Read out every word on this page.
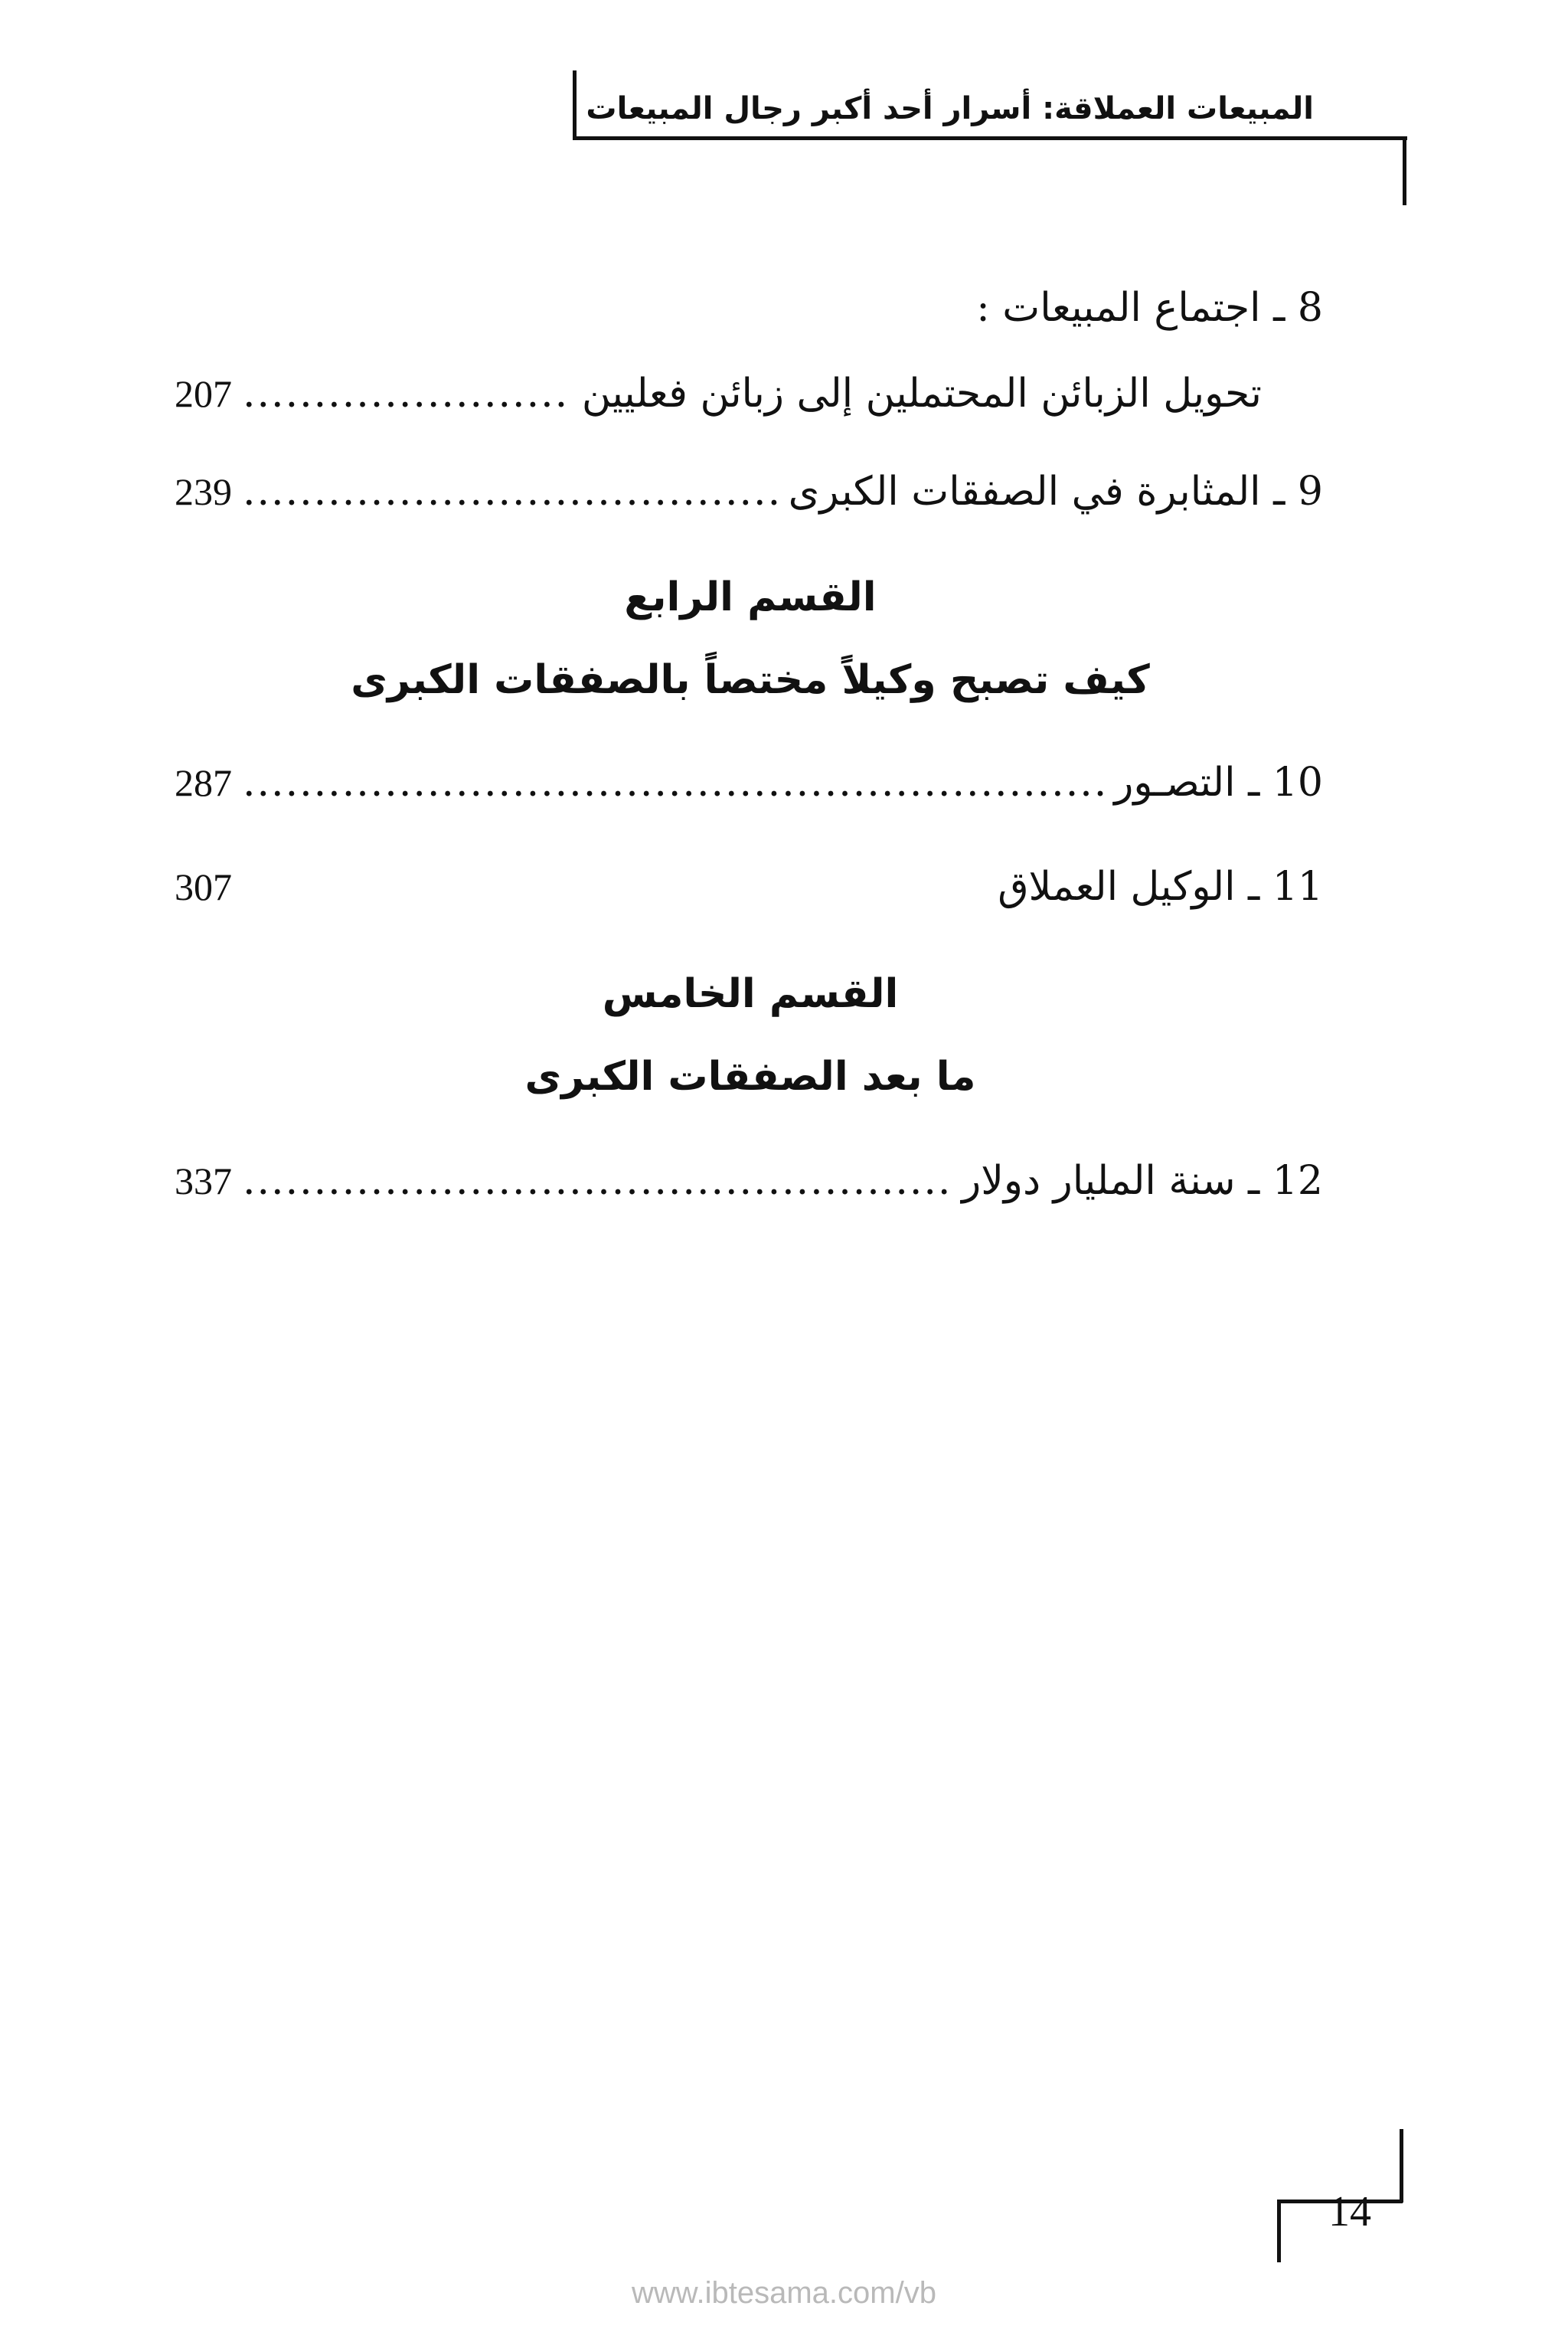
المبيعات العملاقة: أسرار أحد أكبر رجال المبيعات
8 ـ اجتماع المبيعات :
تحويل الزبائن المحتملين إلى زبائن فعليين
.....
207
9 ـ المثابرة في الصفقات الكبرى
.....
239
القسم الرابع
كيف تصبح وكيلاً مختصاً بالصفقات الكبرى
10 ـ التصـور
.....
287
11 ـ الوكيل العملاق
307
القسم الخامس
ما بعد الصفقات الكبرى
12 ـ سنة المليار دولار
.....
337
14
www.ibtesama.com/vb
